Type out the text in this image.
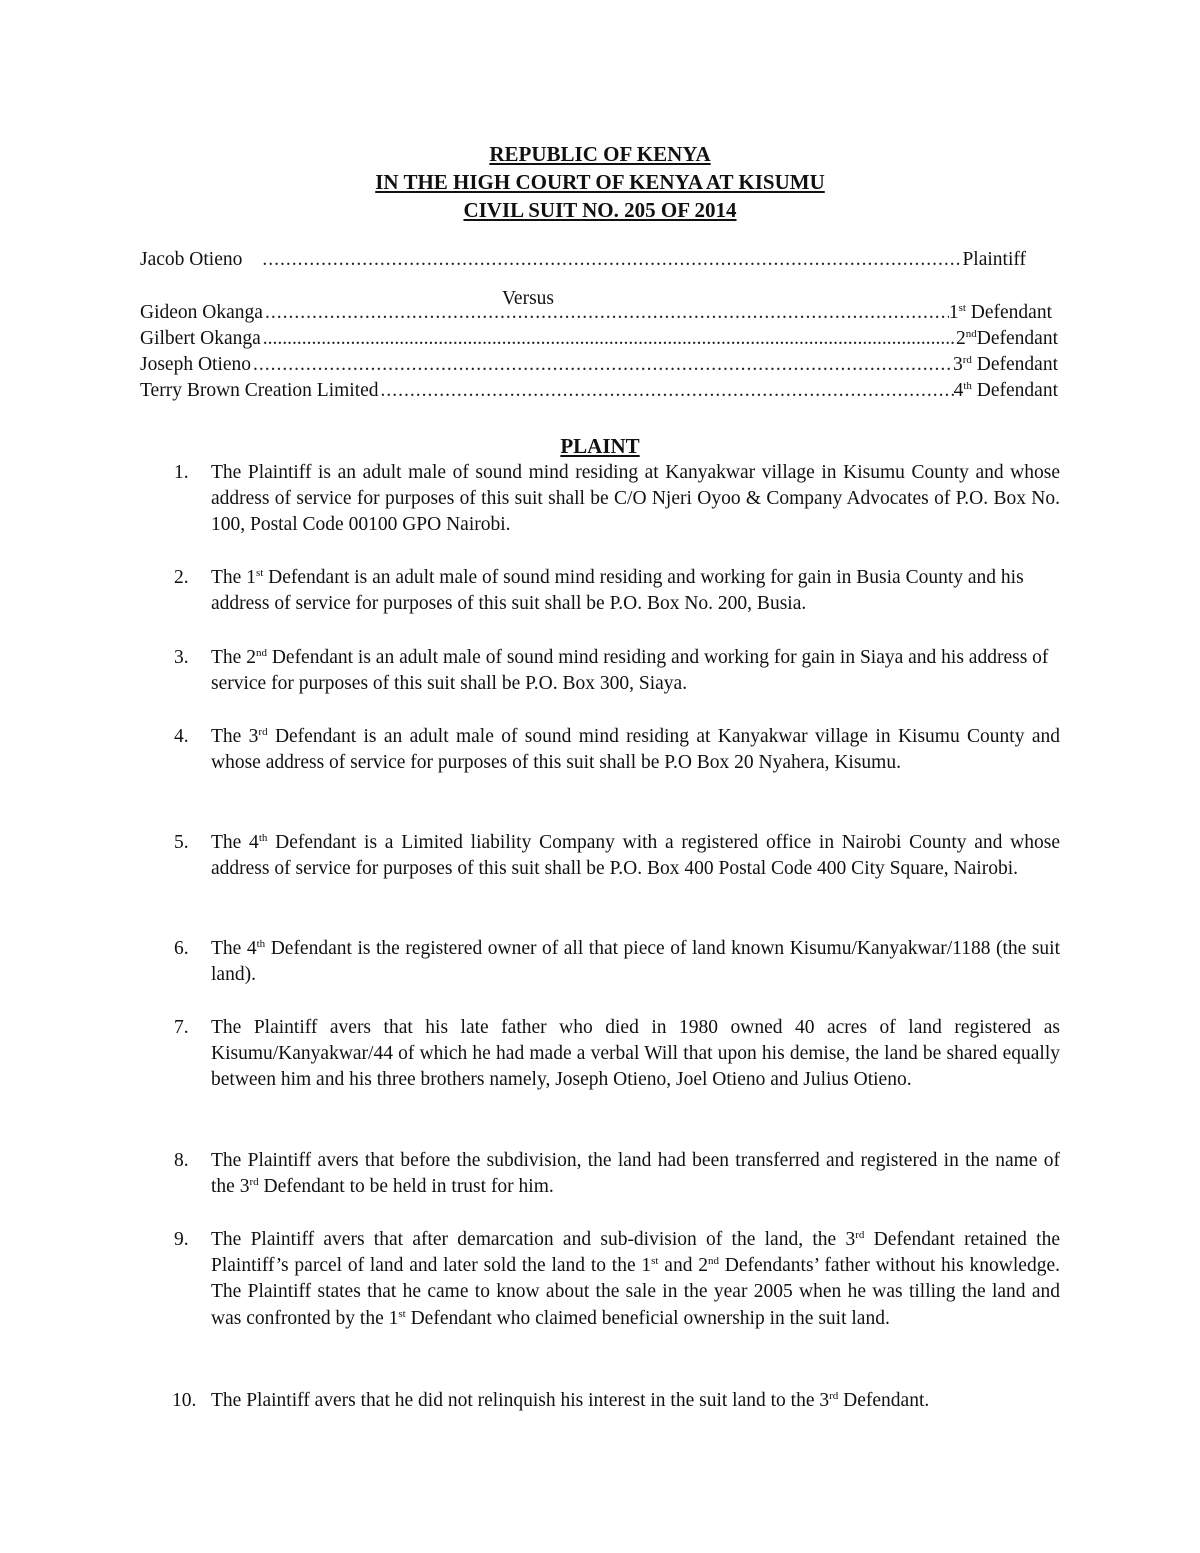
REPUBLIC OF KENYA
IN THE HIGH COURT OF KENYA AT KISUMU
CIVIL SUIT NO. 205 OF 2014
Jacob Otieno .....	Plaintiff
Gideon Okanga .....	1st Defendant
Gilbert Okanga .....	2ndDefendant
Joseph Otieno .....	3rd Defendant
Terry Brown Creation Limited .....	4th Defendant
Versus
PLAINT
1.	The Plaintiff is an adult male of sound mind residing at Kanyakwar village in Kisumu County and whose address of service for purposes of this suit shall be C/O Njeri Oyoo & Company Advocates of P.O. Box No. 100, Postal Code 00100 GPO Nairobi.
2.	The 1st Defendant is an adult male of sound mind residing and working for gain in Busia County and his address of service for purposes of this suit shall be P.O. Box No. 200, Busia.
3.	The 2nd Defendant is an adult male of sound mind residing and working for gain in Siaya and his address of service for purposes of this suit shall be P.O. Box 300, Siaya.
4.	The 3rd Defendant is an adult male of sound mind residing at Kanyakwar village in Kisumu County and whose address of service for purposes of this suit shall be P.O Box 20 Nyahera, Kisumu.
5.	The 4th Defendant is a Limited liability Company with a registered office in Nairobi County and whose address of service for purposes of this suit shall be P.O. Box 400 Postal Code 400 City Square, Nairobi.
6.	The 4th Defendant is the registered owner of all that piece of land known Kisumu/Kanyakwar/1188 (the suit land).
7.	The Plaintiff avers that his late father who died in 1980 owned 40 acres of land registered as Kisumu/Kanyakwar/44 of which he had made a verbal Will that upon his demise, the land be shared equally between him and his three brothers namely, Joseph Otieno, Joel Otieno and Julius Otieno.
8.	The Plaintiff avers that before the subdivision, the land had been transferred and registered in the name of the 3rd Defendant to be held in trust for him.
9.	The Plaintiff avers that after demarcation and sub-division of the land, the 3rd Defendant retained the Plaintiff’s parcel of land and later sold the land to the 1st and 2nd Defendants’ father without his knowledge. The Plaintiff states that he came to know about the sale in the year 2005 when he was tilling the land and was confronted by the 1st Defendant who claimed beneficial ownership in the suit land.
10. The Plaintiff avers that he did not relinquish his interest in the suit land to the 3rd Defendant.
